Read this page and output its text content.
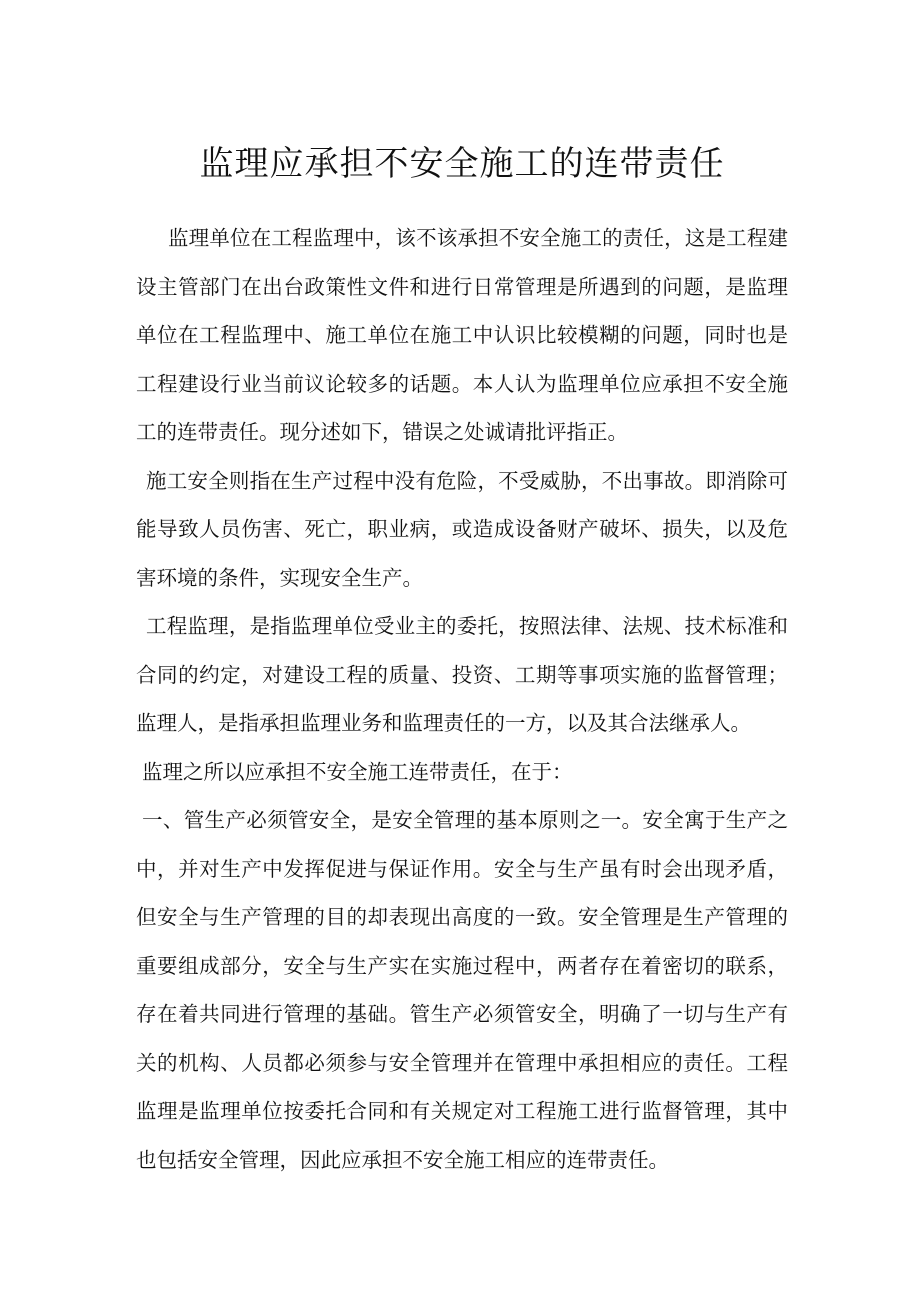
监理应承担不安全施工的连带责任

监理单位在工程监理中，该不该承担不安全施工的责任，这是工程建设主管部门在出台政策性文件和进行日常管理是所遇到的问题，是监理单位在工程监理中、施工单位在施工中认识比较模糊的问题，同时也是工程建设行业当前议论较多的话题。本人认为监理单位应承担不安全施工的连带责任。现分述如下，错误之处诚请批评指正。

施工安全则指在生产过程中没有危险，不受威胁，不出事故。即消除可能导致人员伤害、死亡，职业病，或造成设备财产破坏、损失，以及危害环境的条件，实现安全生产。

工程监理，是指监理单位受业主的委托，按照法律、法规、技术标准和合同的约定，对建设工程的质量、投资、工期等事项实施的监督管理；监理人，是指承担监理业务和监理责任的一方，以及其合法继承人。

监理之所以应承担不安全施工连带责任，在于：

一、管生产必须管安全，是安全管理的基本原则之一。安全寓于生产之中，并对生产中发挥促进与保证作用。安全与生产虽有时会出现矛盾，但安全与生产管理的目的却表现出高度的一致。安全管理是生产管理的重要组成部分，安全与生产实在实施过程中，两者存在着密切的联系，存在着共同进行管理的基础。管生产必须管安全，明确了一切与生产有关的机构、人员都必须参与安全管理并在管理中承担相应的责任。工程监理是监理单位按委托合同和有关规定对工程施工进行监督管理，其中也包括安全管理，因此应承担不安全施工相应的连带责任。
